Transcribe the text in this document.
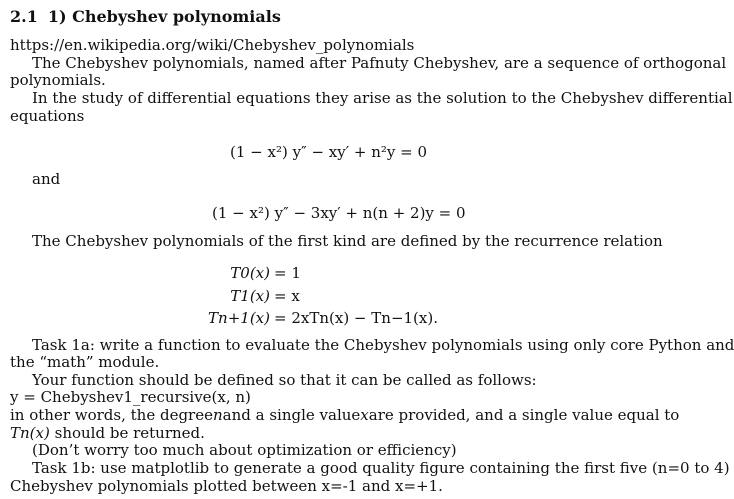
2.1 1) Chebyshev polynomials
https://en.wikipedia.org/wiki/Chebyshev_polynomials
The Chebyshev polynomials, named after Pafnuty Chebyshev, are a sequence of orthogonal
polynomials.
In the study of differential equations they arise as the solution to the Chebyshev differential
equations
(1 − x²) y″ − xy′ + n²y = 0
and
(1 − x²) y″ − 3xy′ + n(n + 2)y = 0
The Chebyshev polynomials of the first kind are defined by the recurrence relation
T0(x) = 1
T1(x) = x
Tn+1(x) = 2xTn(x) − Tn−1(x).
Task 1a: write a function to evaluate the Chebyshev polynomials using only core Python and
the “math” module.
Your function should be defined so that it can be called as follows:
y = Chebyshev1_recursive(x, n)
in other words, the degree n and a single value x are provided, and a single value equal to
Tn(x) should be returned.
(Don’t worry too much about optimization or efficiency)
Task 1b: use matplotlib to generate a good quality figure containing the first five (n=0 to 4)
Chebyshev polynomials plotted between x=-1 and x=+1.
